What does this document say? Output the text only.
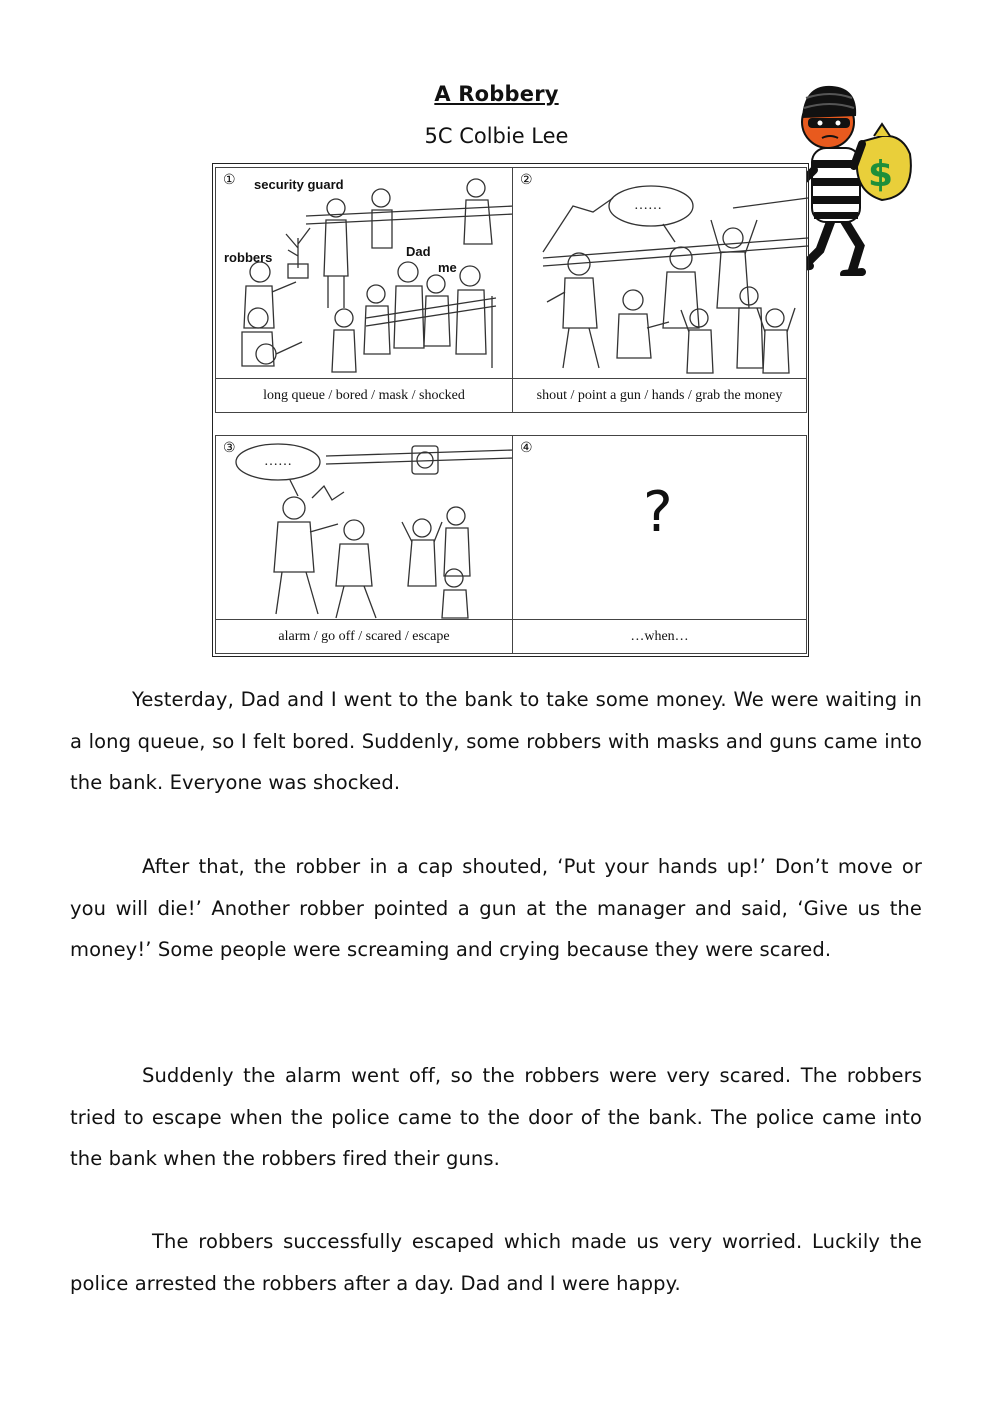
A Robbery
5C Colbie Lee
$
① security guard
robbers	Dad
me
②
……
long queue / bored / mask / shocked	shout / point a gun / hands / grab the money
③
……
④
?
alarm / go off / scared / escape	…when…

Yesterday, Dad and I went to the bank to take some money. We were waiting in a long queue, so I felt bored. Suddenly, some robbers with masks and guns came into the bank. Everyone was shocked.

After that, the robber in a cap shouted, ‘Put your hands up!’ Don’t move or you will die!’ Another robber pointed a gun at the manager and said, ‘Give us the money!’ Some people were screaming and crying because they were scared.

Suddenly the alarm went off, so the robbers were very scared. The robbers tried to escape when the police came to the door of the bank. The police came into the bank when the robbers fired their guns.

The robbers successfully escaped which made us very worried. Luckily the police arrested the robbers after a day. Dad and I were happy.
